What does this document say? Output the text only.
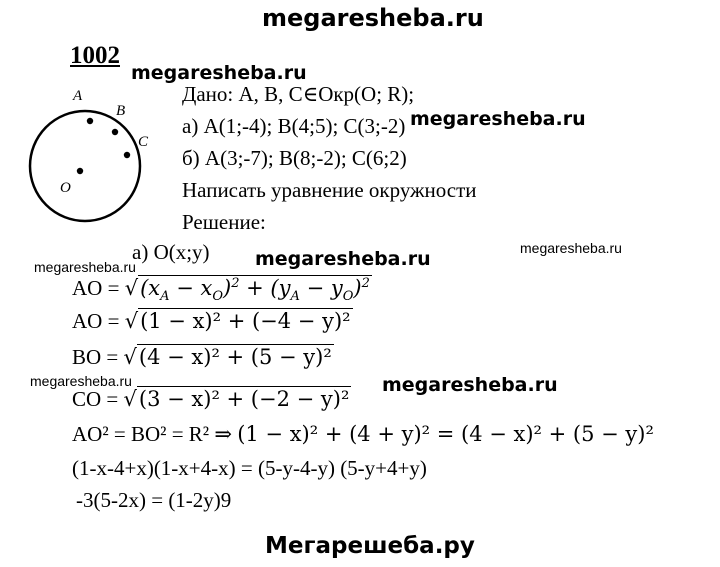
megaresheba.ru
1002
megaresheba.ru
A
B
C
O
Дано: A, B, C∈Окр(O; R);
а) A(1;-4); B(4;5); C(3;-2) megaresheba.ru
б) A(3;-7); B(8;-2); C(6;2)
Написать уравнение окружности
Решение:
а) O(x;y) megaresheba.ru	megaresheba.ru
megaresheba.ru
AO = $√(x_A - x_O)^2 + (y_A - y_O)^2$
AO = √(1 − x)² + (−4 − y)²
BO = √(4 − x)² + (5 − y)²
megaresheba.ru	megaresheba.ru
CO = √(3 − x)² + (−2 − y)²
AO² = BO² = R² ⇒ (1 − x)² + (4 + y)² = (4 − x)² + (5 − y)²
(1-x-4+x)(1-x+4-x) = (5-y-4-y) (5-y+4+y)
-3(5-2x) = (1-2y)9
Мегарешеба.ру
